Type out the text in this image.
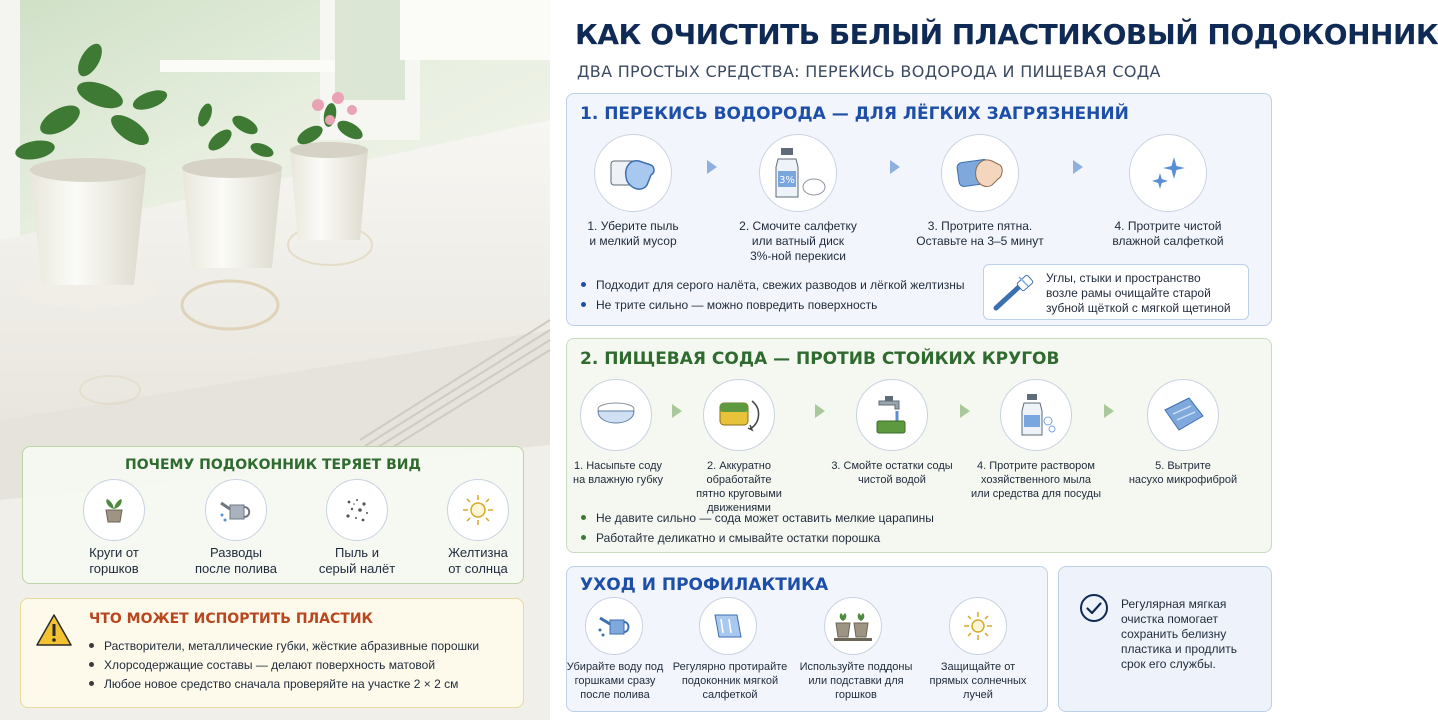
ПОЧЕМУ ПОДОКОННИК ТЕРЯЕТ ВИД
Круги от
горшков
Разводы
после полива
Пыль и
серый налёт
Желтизна
от солнца
ЧТО МОЖЕТ ИСПОРТИТЬ ПЛАСТИК
Растворители, металлические губки, жёсткие абразивные порошки
Хлорсодержащие составы — делают поверхность матовой
Любое новое средство сначала проверяйте на участке 2 × 2 см
КАК ОЧИСТИТЬ БЕЛЫЙ ПЛАСТИКОВЫЙ ПОДОКОННИК
ДВА ПРОСТЫХ СРЕДСТВА: ПЕРЕКИСЬ ВОДОРОДА И ПИЩЕВАЯ СОДА
1. ПЕРЕКИСЬ ВОДОРОДА — ДЛЯ ЛЁГКИХ ЗАГРЯЗНЕНИЙ
3%
1. Уберите пыль
и мелкий мусор
2. Смочите салфетку
или ватный диск
3%-ной перекиси
3. Протрите пятна.
Оставьте на 3–5 минут
4. Протрите чистой
влажной салфеткой
Подходит для серого налёта, свежих разводов и лёгкой желтизны
Не трите сильно — можно повредить поверхность
Углы, стыки и пространство
возле рамы очищайте старой
зубной щёткой с мягкой щетиной
2. ПИЩЕВАЯ СОДА — ПРОТИВ СТОЙКИХ КРУГОВ
1. Насыпьте соду
на влажную губку
2. Аккуратно обработайте
пятно круговыми
движениями
3. Смойте остатки соды
чистой водой
4. Протрите раствором
хозяйственного мыла
или средства для посуды
5. Вытрите
насухо микрофиброй
Не давите сильно — сода может оставить мелкие царапины
Работайте деликатно и смывайте остатки порошка
УХОД И ПРОФИЛАКТИКА
Убирайте воду под
горшками сразу
после полива
Регулярно протирайте
подоконник мягкой
салфеткой
Используйте поддоны
или подставки для
горшков
Защищайте от
прямых солнечных
лучей
Регулярная мягкая
очистка помогает
сохранить белизну
пластика и продлить
срок его службы.
